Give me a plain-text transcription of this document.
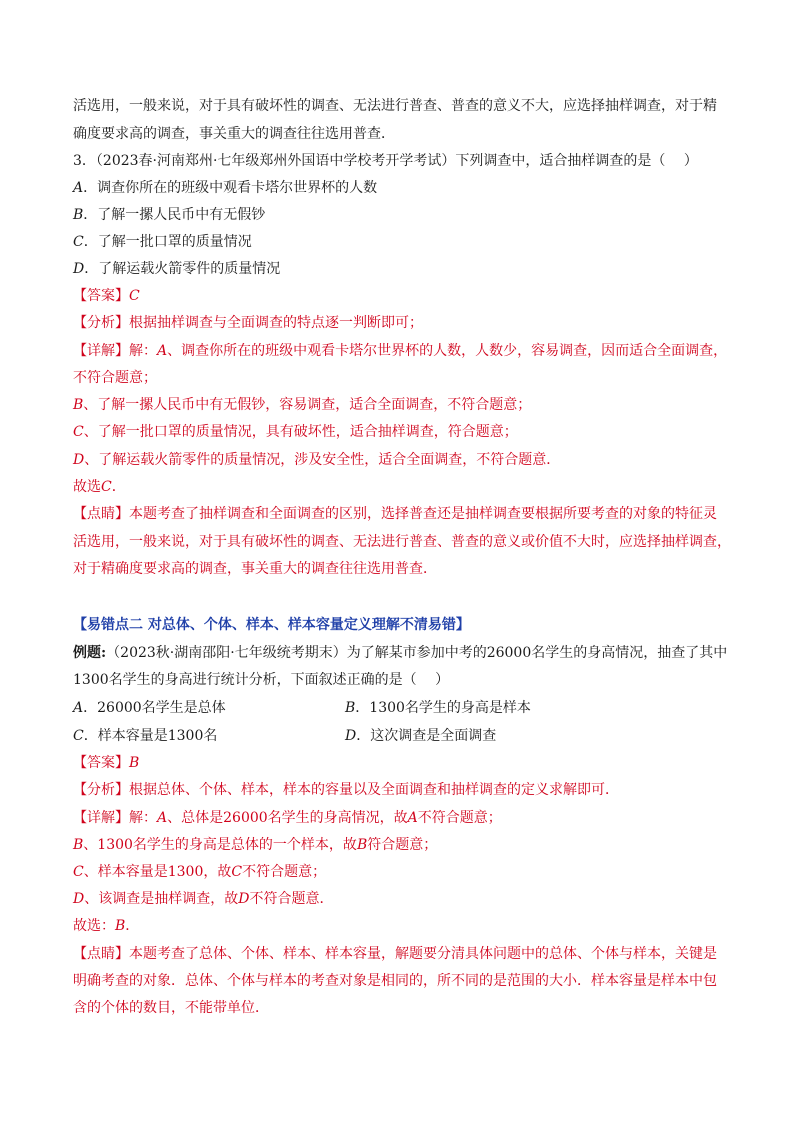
活选用，一般来说，对于具有破坏性的调查、无法进行普查、普查的意义不大，应选择抽样调查，对于精
确度要求高的调查，事关重大的调查往往选用普查．
3．（2023春·河南郑州·七年级郑州外国语中学校考开学考试）下列调查中，适合抽样调查的是（　 ）
A．调查你所在的班级中观看卡塔尔世界杯的人数
B．了解一摞人民币中有无假钞
C．了解一批口罩的质量情况
D．了解运载火箭零件的质量情况
【答案】C
【分析】根据抽样调查与全面调查的特点逐一判断即可；
【详解】解：A、调查你所在的班级中观看卡塔尔世界杯的人数，人数少，容易调查，因而适合全面调查，
不符合题意；
B、了解一摞人民币中有无假钞，容易调查，适合全面调查，不符合题意；
C、了解一批口罩的质量情况，具有破坏性，适合抽样调查，符合题意；
D、了解运载火箭零件的质量情况，涉及安全性，适合全面调查，不符合题意．
故选C．
【点睛】本题考查了抽样调查和全面调查的区别，选择普查还是抽样调查要根据所要考查的对象的特征灵
活选用，一般来说，对于具有破坏性的调查、无法进行普查、普查的意义或价值不大时，应选择抽样调查，
对于精确度要求高的调查，事关重大的调查往往选用普查．
【易错点二 对总体、个体、样本、样本容量定义理解不清易错】
例题:（2023秋·湖南邵阳·七年级统考期末）为了解某市参加中考的26000名学生的身高情况，抽查了其中
1300名学生的身高进行统计分析，下面叙述正确的是（　 ）
A．26000名学生是总体	B．1300名学生的身高是样本
C．样本容量是1300名	D．这次调查是全面调查
【答案】B
【分析】根据总体、个体、样本，样本的容量以及全面调查和抽样调查的定义求解即可．
【详解】解：A、总体是26000名学生的身高情况，故A不符合题意；
B、1300名学生的身高是总体的一个样本，故B符合题意；
C、样本容量是1300，故C不符合题意；
D、该调查是抽样调查，故D不符合题意．
故选：B．
【点睛】本题考查了总体、个体、样本、样本容量，解题要分清具体问题中的总体、个体与样本，关键是
明确考查的对象．总体、个体与样本的考查对象是相同的，所不同的是范围的大小．样本容量是样本中包
含的个体的数目，不能带单位．
